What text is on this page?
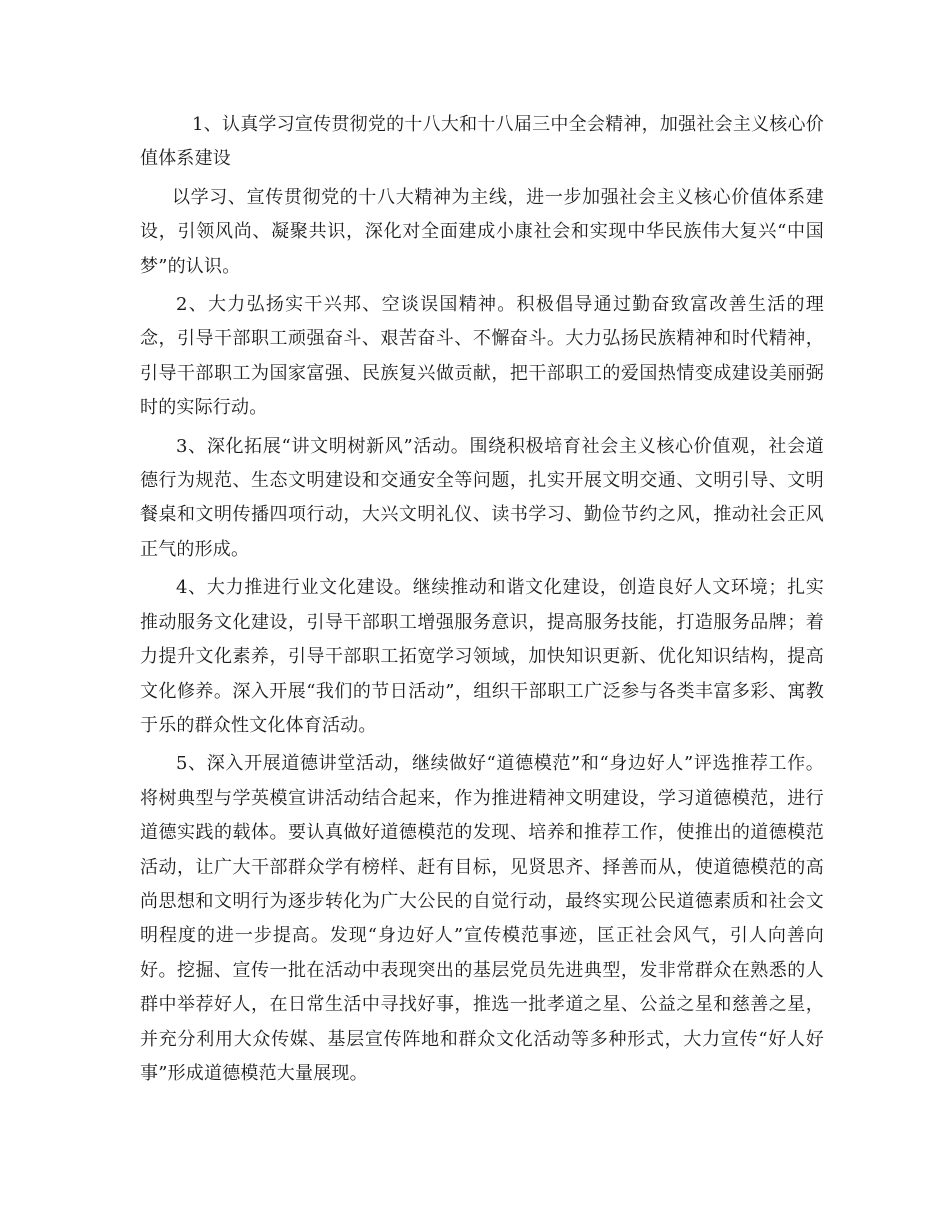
1、认真学习宣传贯彻党的十八大和十八届三中全会精神，加强社会主义核心价值体系建设

以学习、宣传贯彻党的十八大精神为主线，进一步加强社会主义核心价值体系建设，引领风尚、凝聚共识，深化对全面建成小康社会和实现中华民族伟大复兴“中国梦”的认识。

2、大力弘扬实干兴邦、空谈误国精神。积极倡导通过勤奋致富改善生活的理念，引导干部职工顽强奋斗、艰苦奋斗、不懈奋斗。大力弘扬民族精神和时代精神，引导干部职工为国家富强、民族复兴做贡献，把干部职工的爱国热情变成建设美丽弼时的实际行动。

3、深化拓展“讲文明树新风”活动。围绕积极培育社会主义核心价值观，社会道德行为规范、生态文明建设和交通安全等问题，扎实开展文明交通、文明引导、文明餐桌和文明传播四项行动，大兴文明礼仪、读书学习、勤俭节约之风，推动社会正风正气的形成。

4、大力推进行业文化建设。继续推动和谐文化建设，创造良好人文环境；扎实推动服务文化建设，引导干部职工增强服务意识，提高服务技能，打造服务品牌；着力提升文化素养，引导干部职工拓宽学习领域，加快知识更新、优化知识结构，提高文化修养。深入开展“我们的节日活动”，组织干部职工广泛参与各类丰富多彩、寓教于乐的群众性文化体育活动。

5、深入开展道德讲堂活动，继续做好“道德模范”和“身边好人”评选推荐工作。将树典型与学英模宣讲活动结合起来，作为推进精神文明建设，学习道德模范，进行道德实践的载体。要认真做好道德模范的发现、培养和推荐工作，使推出的道德模范活动，让广大干部群众学有榜样、赶有目标，见贤思齐、择善而从，使道德模范的高尚思想和文明行为逐步转化为广大公民的自觉行动，最终实现公民道德素质和社会文明程度的进一步提高。发现“身边好人”宣传模范事迹，匡正社会风气，引人向善向好。挖掘、宣传一批在活动中表现突出的基层党员先进典型，发非常群众在熟悉的人群中举荐好人，在日常生活中寻找好事，推选一批孝道之星、公益之星和慈善之星，并充分利用大众传媒、基层宣传阵地和群众文化活动等多种形式，大力宣传“好人好事”形成道德模范大量展现。
